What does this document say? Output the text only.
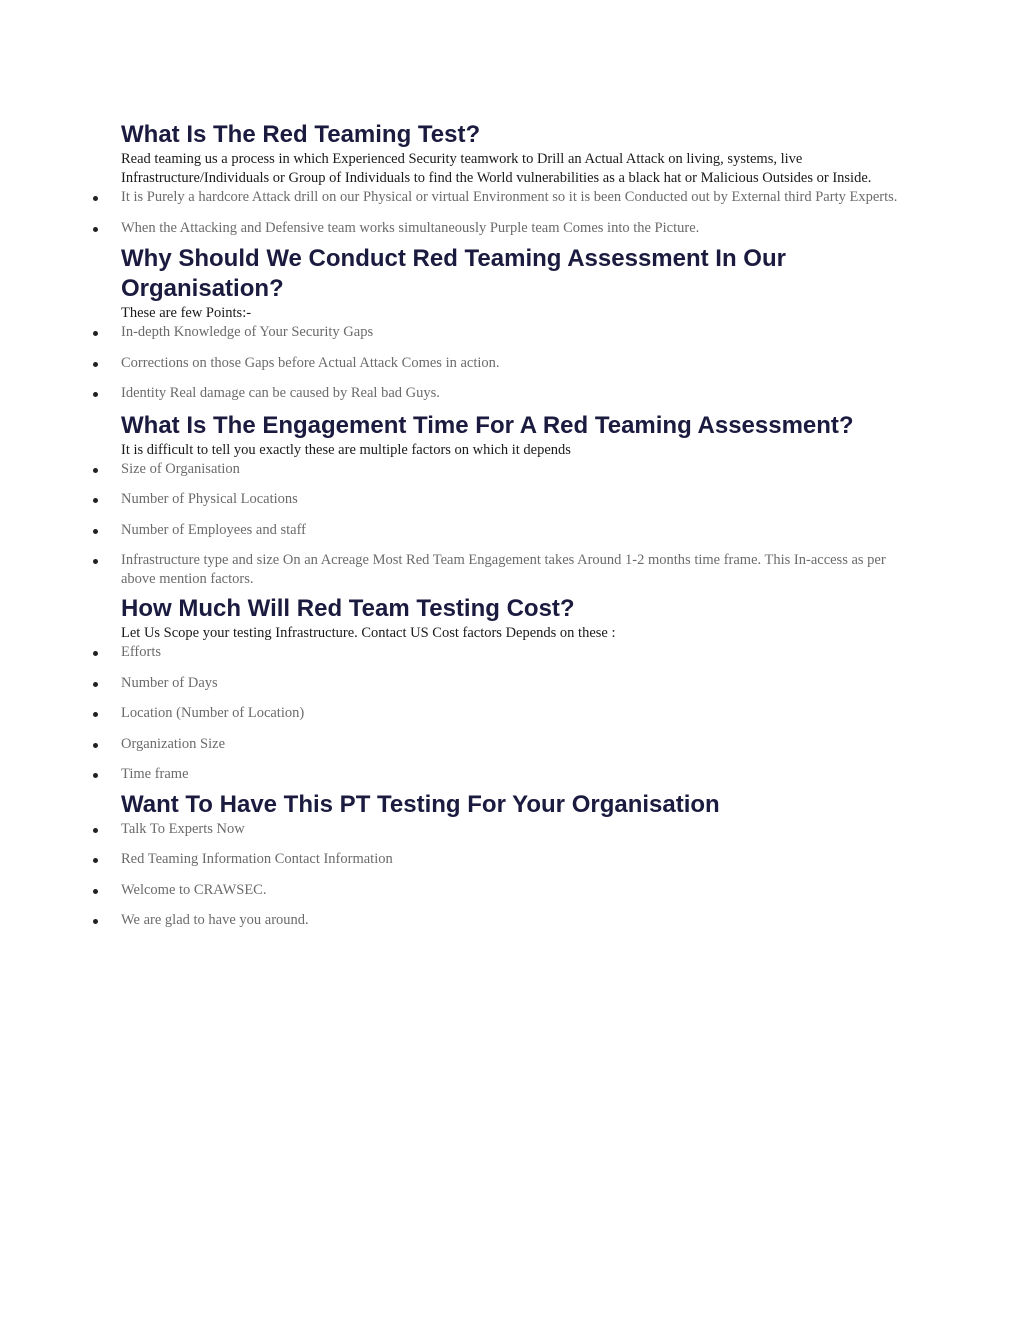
What Is The Red Teaming Test?

Read teaming us a process in which Experienced Security teamwork to Drill an Actual Attack on living, systems, live Infrastructure/Individuals or Group of Individuals to find the World vulnerabilities as a black hat or Malicious Outsides or Inside.

It is Purely a hardcore Attack drill on our Physical or virtual Environment so it is been Conducted out by External third Party Experts.
When the Attacking and Defensive team works simultaneously Purple team Comes into the Picture.
Why Should We Conduct Red Teaming Assessment In Our Organisation?

These are few Points:-

In-depth Knowledge of Your Security Gaps
Corrections on those Gaps before Actual Attack Comes in action.
Identity Real damage can be caused by Real bad Guys.
What Is The Engagement Time For A Red Teaming Assessment?

It is difficult to tell you exactly these are multiple factors on which it depends

Size of Organisation
Number of Physical Locations
Number of Employees and staff
Infrastructure type and size On an Acreage Most Red Team Engagement takes Around 1-2 months time frame. This In-access as per above mention factors.
How Much Will Red Team Testing Cost?

Let Us Scope your testing Infrastructure. Contact US Cost factors Depends on these :

Efforts
Number of Days
Location (Number of Location)
Organization Size
Time frame
Want To Have This PT Testing For Your Organisation
Talk To Experts Now
Red Teaming Information Contact Information
Welcome to CRAWSEC.
We are glad to have you around.
